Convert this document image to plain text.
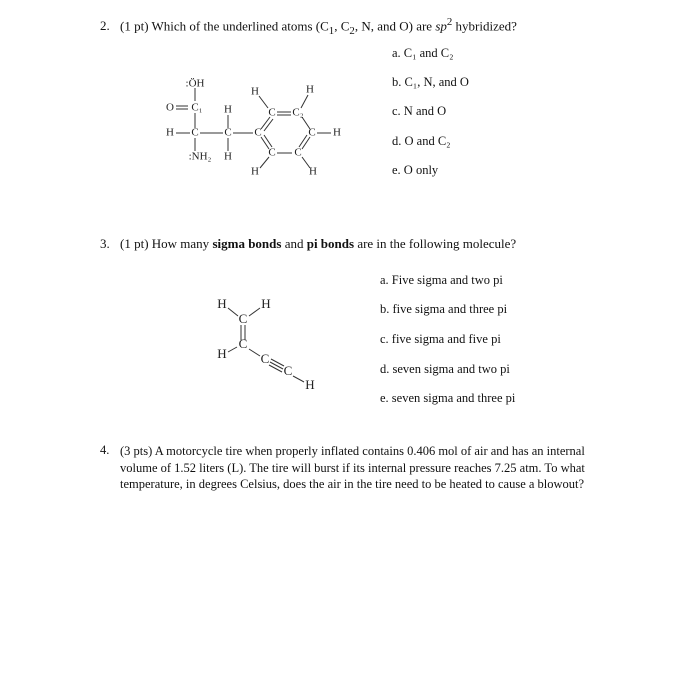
2. (1 pt) Which of the underlined atoms ($C_1$, $C_2$, N, and O) are $sp^2$ hybridized?
a. C₁ and C₂
b. C₁, N, and O
c. N and O
d. O and C₂
e. O only
:ÖH
O C₁
H C C
H
H
:NH₂
C
C C₂
C
C
C
H	H
H
H	H
H	H
C
C
H	C
C
H
3. (1 pt) How many sigma bonds and pi bonds are in the following molecule?
a. Five sigma and two pi
b. five sigma and three pi
c. five sigma and five pi
d. seven sigma and two pi
e. seven sigma and three pi
4. (3 pts) A motorcycle tire when properly inflated contains 0.406 mol of air and has an internal volume of 1.52 liters (L). The tire will burst if its internal pressure reaches 7.25 atm. To what temperature, in degrees Celsius, does the air in the tire need to be heated to cause a blowout?
